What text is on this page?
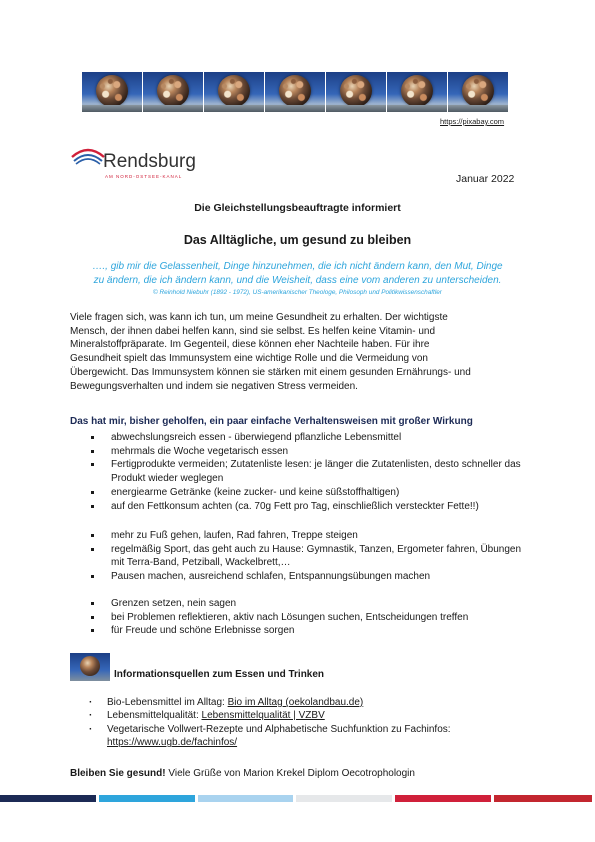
https://pixabay.com
Rendsburg
AM NORD-OSTSEE-KANAL	Januar 2022
Die Gleichstellungsbeauftragte informiert
Das Alltägliche, um gesund zu bleiben
…., gib mir die Gelassenheit, Dinge hinzunehmen, die ich nicht ändern kann, den Mut, Dinge
zu ändern, die ich ändern kann, und die Weisheit, dass eine vom anderen zu unterscheiden.
© Reinhold Niebuhr (1892 - 1972), US-amerikanischer Theologe, Philosoph und Politikwissenschaftler
Viele fragen sich, was kann ich tun, um meine Gesundheit zu erhalten. Der wichtigste
Mensch, der ihnen dabei helfen kann, sind sie selbst. Es helfen keine Vitamin- und
Mineralstoffpräparate. Im Gegenteil, diese können eher Nachteile haben. Für ihre
Gesundheit spielt das Immunsystem eine wichtige Rolle und die Vermeidung von
Übergewicht. Das Immunsystem können sie stärken mit einem gesunden Ernährungs- und
Bewegungsverhalten und indem sie negativen Stress vermeiden.
Das hat mir, bisher geholfen, ein paar einfache Verhaltensweisen mit großer Wirkung
abwechslungsreich essen - überwiegend pflanzliche Lebensmittel
mehrmals die Woche vegetarisch essen
Fertigprodukte vermeiden; Zutatenliste lesen: je länger die Zutatenlisten, desto schneller das Produkt wieder weglegen
energiearme Getränke (keine zucker- und keine süßstoffhaltigen)
auf den Fettkonsum achten (ca. 70g Fett pro Tag, einschließlich versteckter Fette!!)
mehr zu Fuß gehen, laufen, Rad fahren, Treppe steigen
regelmäßig Sport, das geht auch zu Hause: Gymnastik, Tanzen, Ergometer fahren, Übungen mit Terra-Band, Petziball, Wackelbrett,…
Pausen machen, ausreichend schlafen, Entspannungsübungen machen
Grenzen setzen, nein sagen
bei Problemen reflektieren, aktiv nach Lösungen suchen, Entscheidungen treffen
für Freude und schöne Erlebnisse sorgen
Informationsquellen zum Essen und Trinken
· Bio-Lebensmittel im Alltag: Bio im Alltag (oekolandbau.de)
· Lebensmittelqualität: Lebensmittelqualität | VZBV
· Vegetarische Vollwert-Rezepte und Alphabetische Suchfunktion zu Fachinfos:
https://www.ugb.de/fachinfos/
Bleiben Sie gesund! Viele Grüße von Marion Krekel Diplom Oecotrophologin
